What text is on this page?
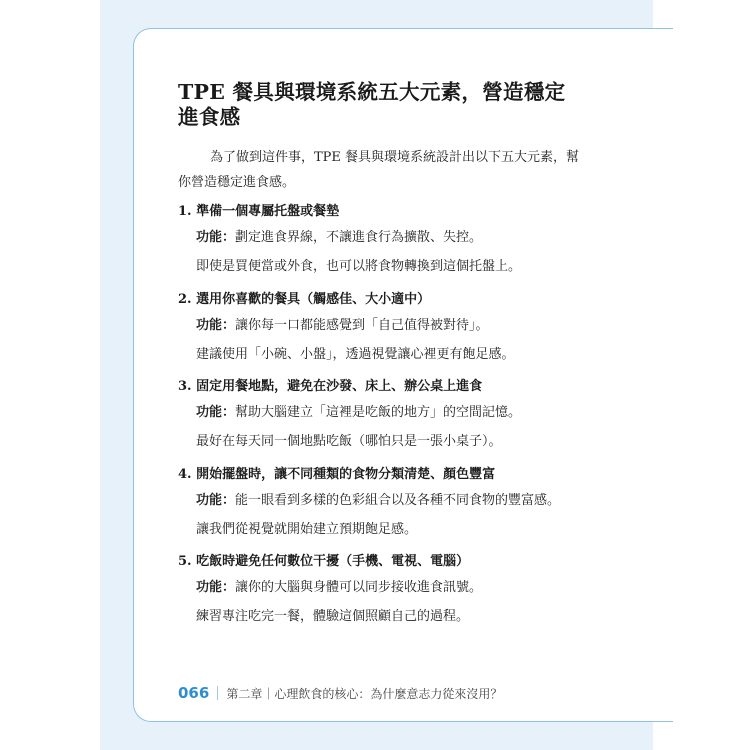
TPE 餐具與環境系統五大元素，營造穩定進食感
為了做到這件事，TPE 餐具與環境系統設計出以下五大元素，幫你營造穩定進食感。
1. 準備一個專屬托盤或餐墊
功能：劃定進食界線，不讓進食行為擴散、失控。
即使是買便當或外食，也可以將食物轉換到這個托盤上。
2. 選用你喜歡的餐具（觸感佳、大小適中）
功能：讓你每一口都能感覺到「自己值得被對待」。
建議使用「小碗、小盤」，透過視覺讓心裡更有飽足感。
3. 固定用餐地點，避免在沙發、床上、辦公桌上進食
功能：幫助大腦建立「這裡是吃飯的地方」的空間記憶。
最好在每天同一個地點吃飯（哪怕只是一張小桌子）。
4. 開始擺盤時，讓不同種類的食物分類清楚、顏色豐富
功能：能一眼看到多樣的色彩組合以及各種不同食物的豐富感。
讓我們從視覺就開始建立預期飽足感。
5. 吃飯時避免任何數位干擾（手機、電視、電腦）
功能：讓你的大腦與身體可以同步接收進食訊號。
練習專注吃完一餐，體驗這個照顧自己的過程。
066 第二章｜心理飲食的核心：為什麼意志力從來沒用？
